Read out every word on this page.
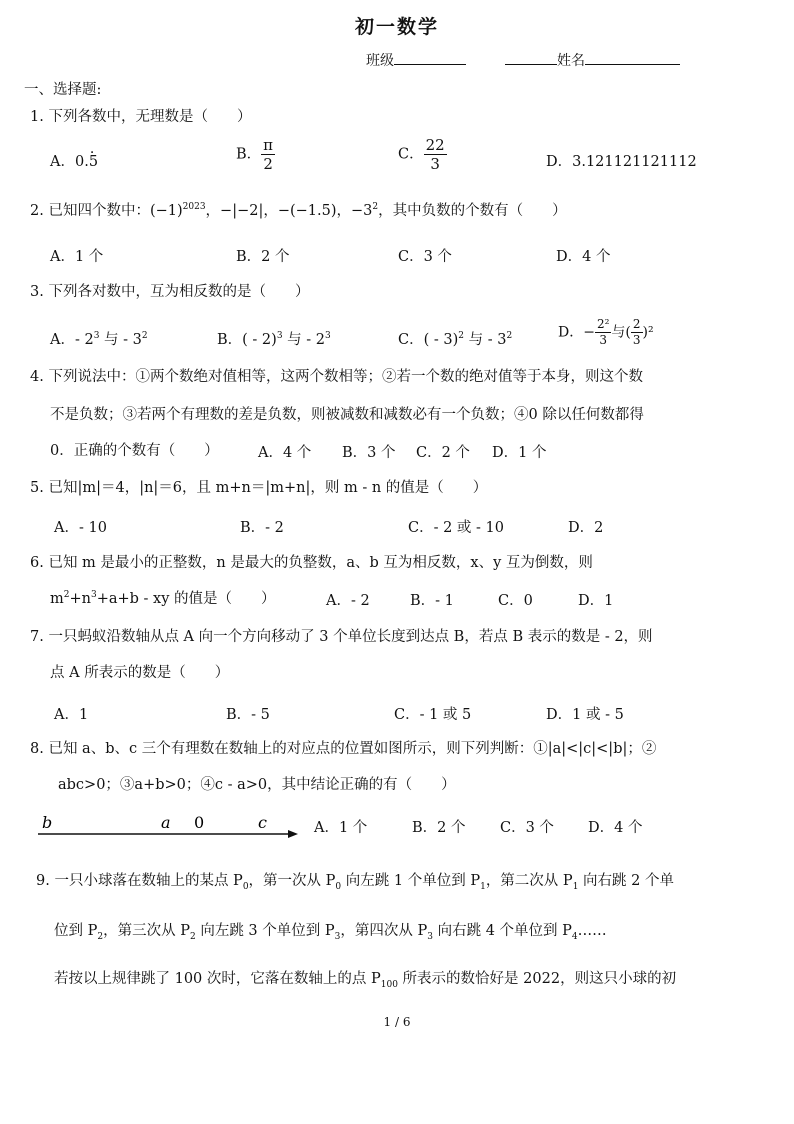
初一数学
班级	姓名
一、选择题:
1. 下列各数中，无理数是（　　）
A．0.· 5	B． $\frac{\pi}{2}$	C． $\frac{22}{3}$	D．3.121121121112
2. 已知四个数中：$(-1)^{2023}$，−|−2|，−(−1.5)，$-3^2$，其中负数的个数有（　　）
A．1 个	B．2 个	C．3 个	D．4 个
3. 下列各对数中，互为相反数的是（　　）
A．- $2^3$ 与 - $3^2$	B．( - 2)$^3$ 与 - $2^3$	C．( - 3)$^2$ 与 - $3^2$	D．− $\frac{\text{2²}}{3}$ 与( $\frac{2}{3} )^2$
4. 下列说法中：①两个数绝对值相等，这两个数相等；②若一个数的绝对值等于本身，则这个数
不是负数；③若两个有理数的差是负数，则被减数和减数必有一个负数；④0 除以任何数都得
0．正确的个数有（　　）	A．4 个 B．3 个 C．2 个 D．1 个
5. 已知|m|＝4，|n|＝6，且 m+n＝|m+n|，则 m - n 的值是（　　）
A．- 10	B．- 2	C．- 2 或 - 10	D．2
6. 已知 m 是最小的正整数，n 是最大的负整数，a、b 互为相反数，x、y 互为倒数，则
$m^2+n^3+a+b$ - xy 的值是（　　）	A．- 2	B．- 1	C．0	D．1
7. 一只蚂蚁沿数轴从点 A 向一个方向移动了 3 个单位长度到达点 B，若点 B 表示的数是 - 2，则
点 A 所表示的数是（　　）
A．1	B．- 5	C．- 1 或 5	D．1 或 - 5
8. 已知 a、b、c 三个有理数在数轴上的对应点的位置如图所示，则下列判断：①|a|<|c|<|b|；②
abc>0；③a+b>0；④c - a>0，其中结论正确的有（　　）
b	a 0	c	A．1 个	B．2 个 C．3 个 D．4 个
9. 一只小球落在数轴上的某点 $P_0$，第一次从 $P_0$ 向左跳 1 个单位到 $P_1$，第二次从 $P_1$ 向右跳 2 个单
位到 $P_2$，第三次从 $P_2$ 向左跳 3 个单位到 $P_3$，第四次从 $P_3$ 向右跳 4 个单位到 $P_4\dots\dots$
若按以上规律跳了 100 次时，它落在数轴上的点 $P_{100}$ 所表示的数恰好是 2022，则这只小球的初
1 / 6
